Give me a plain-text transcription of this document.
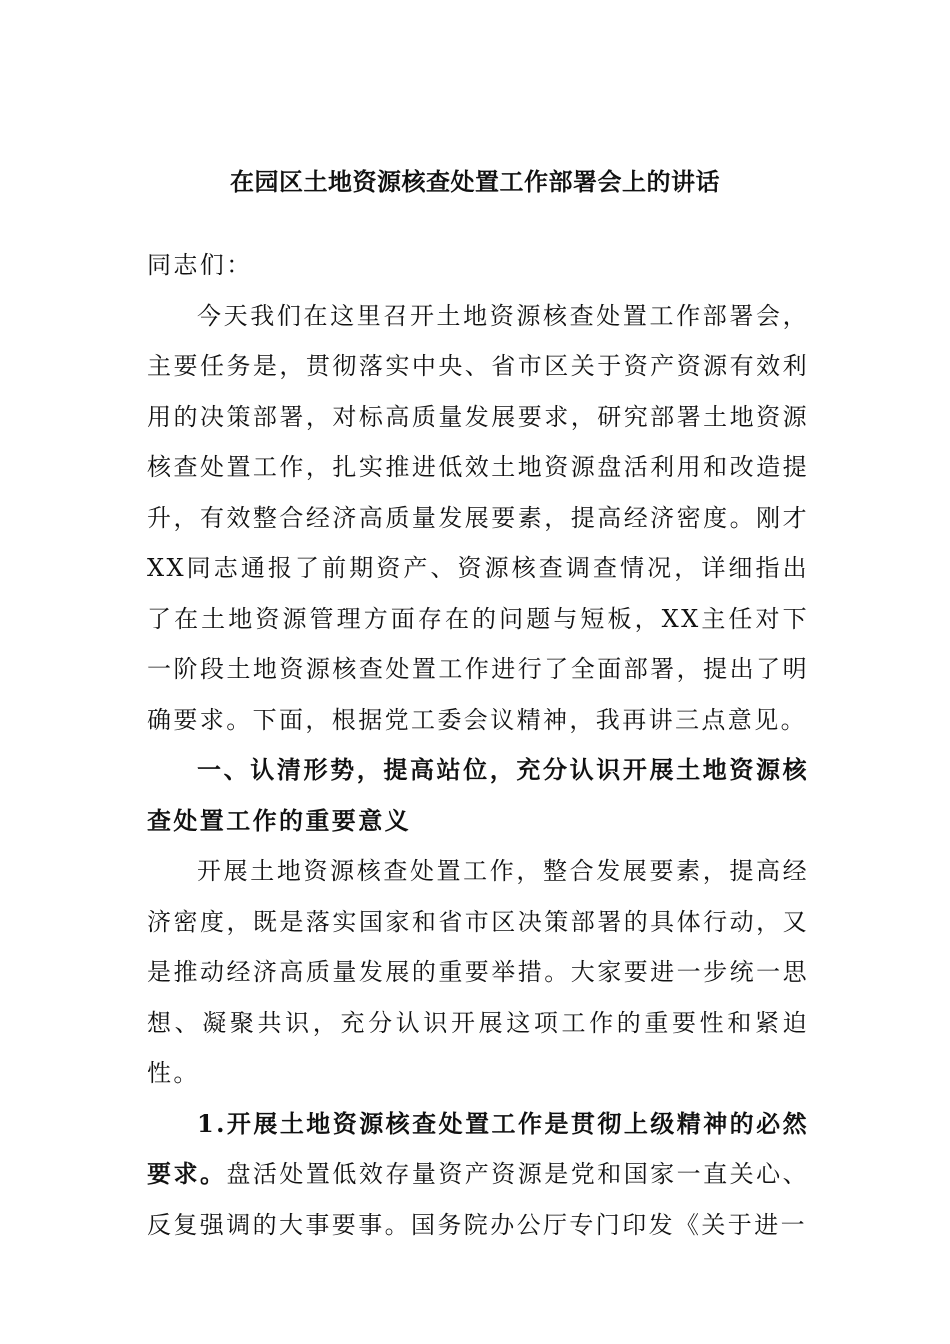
在园区土地资源核查处置工作部署会上的讲话

同志们：

今天我们在这里召开土地资源核查处置工作部署会，主要任务是，贯彻落实中央、省市区关于资产资源有效利用的决策部署，对标高质量发展要求，研究部署土地资源核查处置工作，扎实推进低效土地资源盘活利用和改造提升，有效整合经济高质量发展要素，提高经济密度。刚才XX同志通报了前期资产、资源核查调查情况，详细指出了在土地资源管理方面存在的问题与短板，XX主任对下一阶段土地资源核查处置工作进行了全面部署，提出了明确要求。下面，根据党工委会议精神，我再讲三点意见。

一、认清形势，提高站位，充分认识开展土地资源核查处置工作的重要意义

开展土地资源核查处置工作，整合发展要素，提高经济密度，既是落实国家和省市区决策部署的具体行动，又是推动经济高质量发展的重要举措。大家要进一步统一思想、凝聚共识，充分认识开展这项工作的重要性和紧迫性。

1.开展土地资源核查处置工作是贯彻上级精神的必然要求。盘活处置低效存量资产资源是党和国家一直关心、反复强调的大事要事。国务院办公厅专门印发《关于进一
